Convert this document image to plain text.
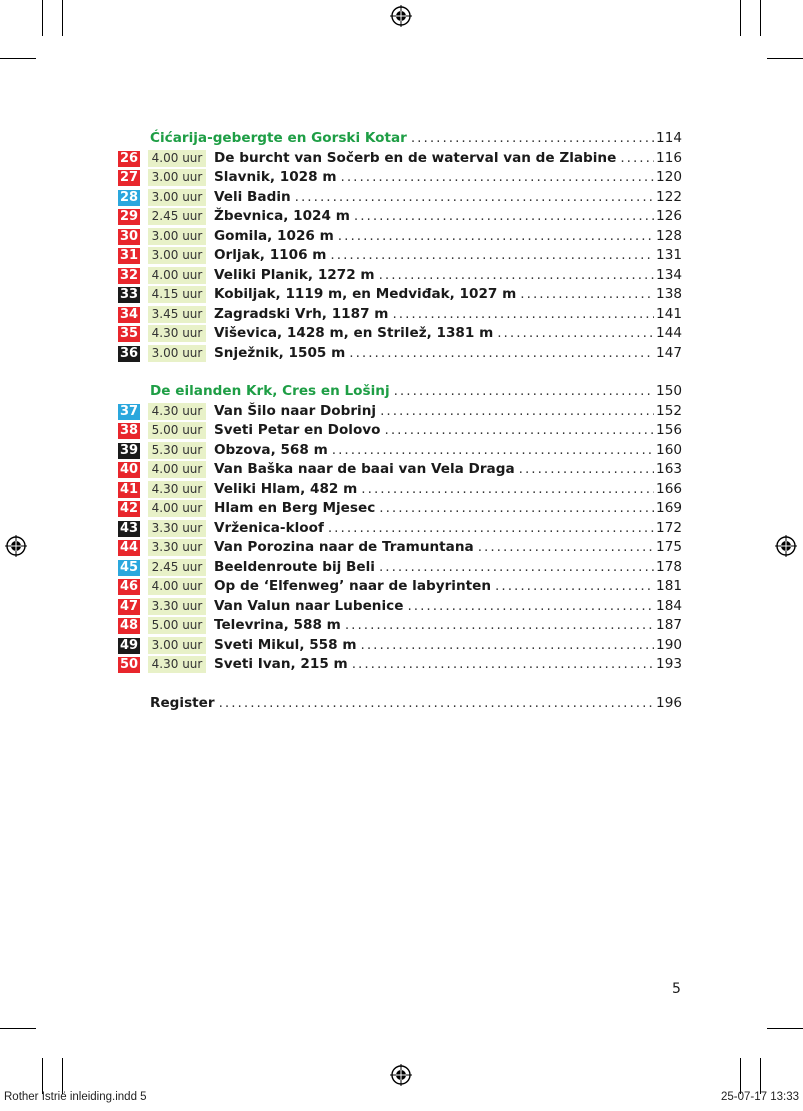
Ćićarija-gebergte en Gorski Kotar .....	114
26	4.00 uur De burcht van Sočerb en de waterval van de Zlabine .....	116
27	3.00 uur Slavnik, 1028 m .....	120
28	3.00 uur Veli Badin .....	122
29	2.45 uur Žbevnica, 1024 m .....	126
30	3.00 uur Gomila, 1026 m .....	128
31	3.00 uur Orljak, 1106 m .....	131
32	4.00 uur Veliki Planik, 1272 m .....	134
33	4.15 uur Kobiljak, 1119 m, en Medviđak, 1027 m .....	138
34	3.45 uur Zagradski Vrh, 1187 m .....	141
35	4.30 uur Viševica, 1428 m, en Strilež, 1381 m .....	144
36	3.00 uur Snježnik, 1505 m .....	147
De eilanden Krk, Cres en Lošinj .....	150
37	4.30 uur Van Šilo naar Dobrinj .....	152
38	5.00 uur Sveti Petar en Dolovo .....	156
39	5.30 uur Obzova, 568 m .....	160
40	4.00 uur Van Baška naar de baai van Vela Draga .....	163
41	4.30 uur Veliki Hlam, 482 m .....	166
42	4.00 uur Hlam en Berg Mjesec .....	169
43	3.30 uur Vrženica-kloof .....	172
44	3.30 uur Van Porozina naar de Tramuntana .....	175
45	2.45 uur Beeldenroute bij Beli .....	178
46	4.00 uur Op de ‘Elfenweg’ naar de labyrinten .....	181
47	3.30 uur Van Valun naar Lubenice .....	184
48	5.00 uur Televrina, 588 m .....	187
49	3.00 uur Sveti Mikul, 558 m .....	190
50	4.30 uur Sveti Ivan, 215 m .....	193
Register .....	196
5
Rother Istrië inleiding.indd 5	25-07-17 13:33
